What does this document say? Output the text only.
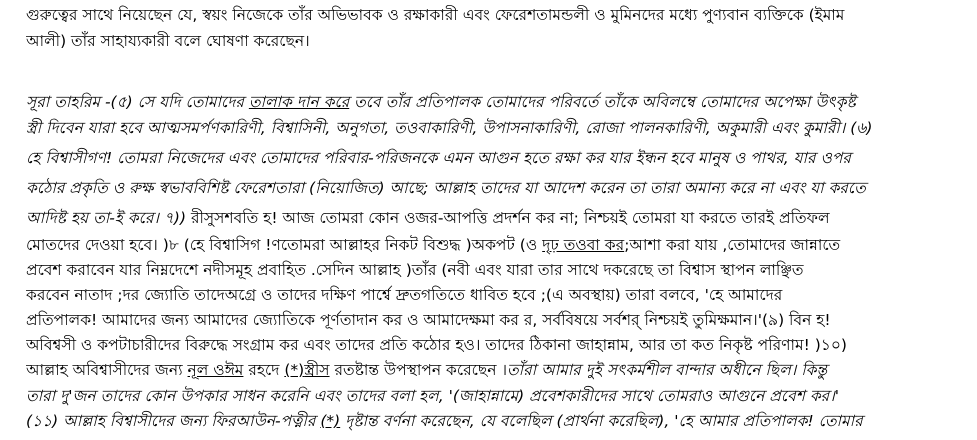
গুরুত্বের সাথে নিয়েছেন যে, স্বয়ং নিজেকে তাঁর অভিভাবক ও রক্ষাকারী এবং ফেরেশতামন্ডলী ও মুমিনদের মধ্যে পুণ্যবান ব্যক্তিকে (ইমাম
আলী) তাঁর সাহায্যকারী বলে ঘোষণা করেছেন।
সূরা তাহরিম -(৫) সে যদি তোমাদের তালাক দান করে তবে তাঁর প্রতিপালক তোমাদের পরিবর্তে তাঁকে অবিলম্বে তোমাদের অপেক্ষা উৎকৃষ্ট
স্ত্রী দিবেন যারা হবে আত্মসমর্পণকারিণী, বিশ্বাসিনী, অনুগতা, তওবাকারিণী, উপাসনাকারিণী, রোজা পালনকারিণী, অকুমারী এবং কুমারী। (৬)
হে বিশ্বাসীগণ! তোমরা নিজেদের এবং তোমাদের পরিবার-পরিজনকে এমন আগুন হতে রক্ষা কর যার ইন্ধন হবে মানুষ ও পাথর, যার ওপর
কঠোর প্রকৃতি ও রুক্ষ স্বভাববিশিষ্ট ফেরেশতারা (নিয়োজিত) আছে; আল্লাহ তাদের যা আদেশ করেন তা তারা অমান্য করে না এবং যা করতে
আদিষ্ট হয় তা-ই করে। ৭)) রীসুসশবতি হ! আজ তোমরা কোন ওজর-আপত্তি প্রদর্শন কর না; নিশ্চয়ই তোমরা যা করতে তারই প্রতিফল
মোতদের দেওয়া হবে। )৮ (হে বিশ্বাসিগ !ণতোমরা আল্লাহর নিকট বিশুদ্ধ )অকপট (ও দৃঢ় তওবা কর;আশা করা যায় ,তোমাদের জান্নাতে
প্রবেশ করাবেন যার নিম্নদেশে নদীসমূহ প্রবাহিত .সেদিন আল্লাহ )তাঁর (নবী এবং যারা তার সাথে দকরেছে তা বিশ্বাস স্থাপন লাঞ্ছিত
করবেন নাতাদ ;দর জ্যোতি তাদেঅগ্রে ও তাদের দক্ষিণ পার্শ্বে দ্রুতগতিতে ধাবিত হবে ;(এ অবস্থায়) তারা বলবে, 'হে আমাদের
প্রতিপালক! আমাদের জন্য আমাদের জ্যোতিকে পূর্ণতাদান কর ও আমাদেক্ষমা কর র, সর্ববিষয়ে সর্বশর্ নিশ্চয়ই তুমিক্ষমান।'(৯) বিন হ!
অবিশ্বসী ও কপটাচারীদের বিরুদ্ধে সংগ্রাম কর এবং তাদের প্রতি কঠোর হও। তাদের ঠিকানা জাহান্নাম, আর তা কত নিকৃষ্ট পরিণাম! )১০)
আল্লাহ অবিশ্বাসীদের জন্য নূল ওঈম রহদে (*)স্ত্রীস রতষ্টান্ত উপস্থাপন করেছেন ।তাঁরা আমার দুই সৎকর্মশীল বান্দার অধীনে ছিল। কিন্তু
তারা দু'জন তাদের কোন উপকার সাধন করেনি এবং তাদের বলা হল, '(জাহান্নামে) প্রবেশকারীদের সাথে তোমরাও আগুনে প্রবেশ কর।'
(১১) আল্লাহ বিশ্বাসীদের জন্য ফিরআউন-পত্নীর (*) দৃষ্টান্ত বর্ণনা করেছেন, যে বলেছিল (প্রার্থনা করেছিল), 'হে আমার প্রতিপালক! তোমার
